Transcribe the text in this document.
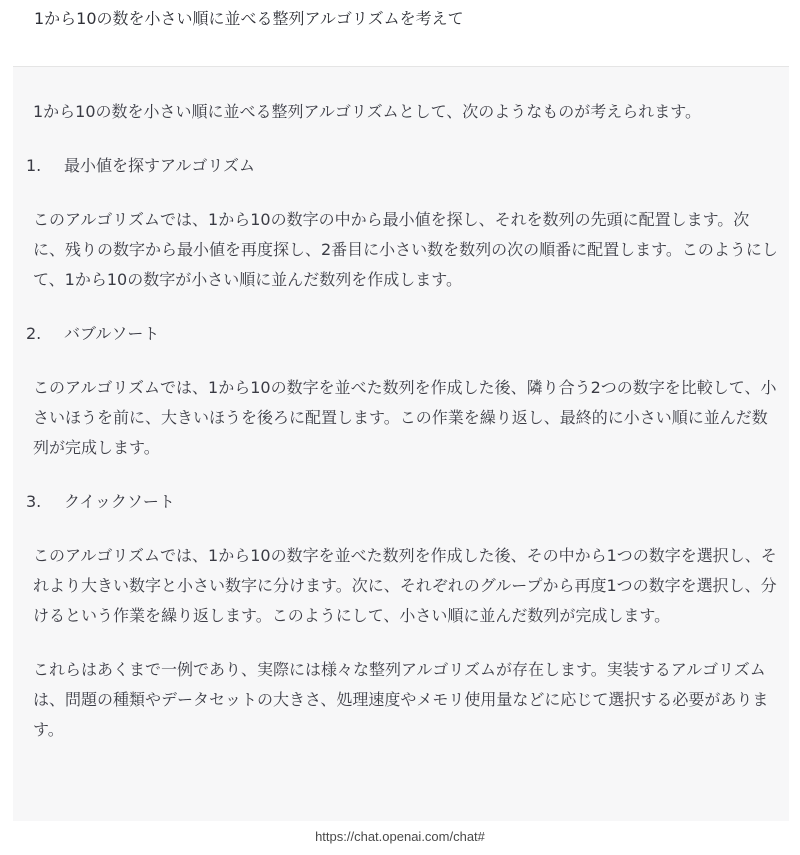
1から10の数を小さい順に並べる整列アルゴリズムを考えて
1から10の数を小さい順に並べる整列アルゴリズムとして、次のようなものが考えられます。
1.	最小値を探すアルゴリズム
このアルゴリズムでは、1から10の数字の中から最小値を探し、それを数列の先頭に配置します。次に、残りの数字から最小値を再度探し、2番目に小さい数を数列の次の順番に配置します。このようにして、1から10の数字が小さい順に並んだ数列を作成します。
2.	バブルソート
このアルゴリズムでは、1から10の数字を並べた数列を作成した後、隣り合う2つの数字を比較して、小さいほうを前に、大きいほうを後ろに配置します。この作業を繰り返し、最終的に小さい順に並んだ数列が完成します。
3.	クイックソート
このアルゴリズムでは、1から10の数字を並べた数列を作成した後、その中から1つの数字を選択し、それより大きい数字と小さい数字に分けます。次に、それぞれのグループから再度1つの数字を選択し、分けるという作業を繰り返します。このようにして、小さい順に並んだ数列が完成します。
これらはあくまで一例であり、実際には様々な整列アルゴリズムが存在します。実装するアルゴリズムは、問題の種類やデータセットの大きさ、処理速度やメモリ使用量などに応じて選択する必要があります。
https://chat.openai.com/chat#
